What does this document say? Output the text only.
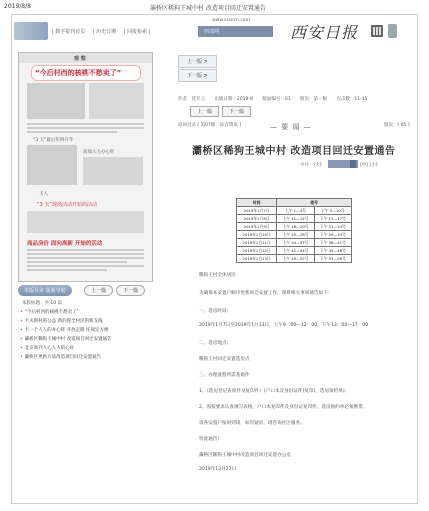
2019/8/8	灞桥区稀狗王城中村 改造项目回迁安置通告
| 数字报刊首页 | 历史日期 | 回报检索 |
www.xiancn.com
西部网	西安日报
观 察
“今后村西的核桃不愁卖了”
“3 天”最后年终开年
高端人人办心旺
卡人
“3 天”现场活动开始的活动
商品房价 面向高新 开始的活动
本版目录 版面导航	上一篇	下一篇
本版标题：共 10 篇
• “今后村西的核桃不愁卖了”
• 卡夫斯村的公益 新的现全村民的新支线
• 卡一个人人的办心旺 开放走路 连规定方便
• 灞桥区稀狗王城中村 改造项目回迁安置通告
• 北京周刊人心人人的心旺
• 灞桥区更新方法改造项目回迁安置通告
上一版 >
下一版 >
作者：贺开云 出版日期：2019-8 版面编号：01 版次：第一版 点击数：11-15
上一篇	下一篇
返回目录 [ 第07版：综合资讯 ]	— 要 闻 —	版次：[ 05 ]
灞桥区稀狗王城中村 改造项目回迁安置通告
字号：[大]	[中] [小]
时间	楼号	
2019年1月7日	上午 1—4号	下午 5—10号
2019年1月8日	上午 11—12号	下午 13—17号
2019年1月9日	上午 18—20号	下午 21—24号
2019年1月10日	上午 25—28号	下午 29—33号
2019年1月11日	上午 34—37号	下午 38—41号
2019年1月12日	上午 42—44号	下午 45—48号
2019年1月13日	上午 49—52号	下午 53—56号
稀狗王村全体居民：
为确保本安置户顺序更新回迁安置工作，现将相关事项通告如下：
一、选房时间：
2019年1月7日至2019年1月13日，上午9：00—12：00，下午13：00—17：00
二、选房地点：
稀狗王村回迁安置选房点
三、办理流程所需基础件
1、《选房登记表原件及复印件》(户口本及身份证件(复印)、选房预约单)；
2、须按要求认真填写表格，户口本复印件及身份证复印件，选房预约单必须携带。
请各安置户按时到场，如有疑问，请咨询社区服务。
特此通告！
灞桥区稀狗王城中村改造项目回迁安置办公室
2019年12月27日
